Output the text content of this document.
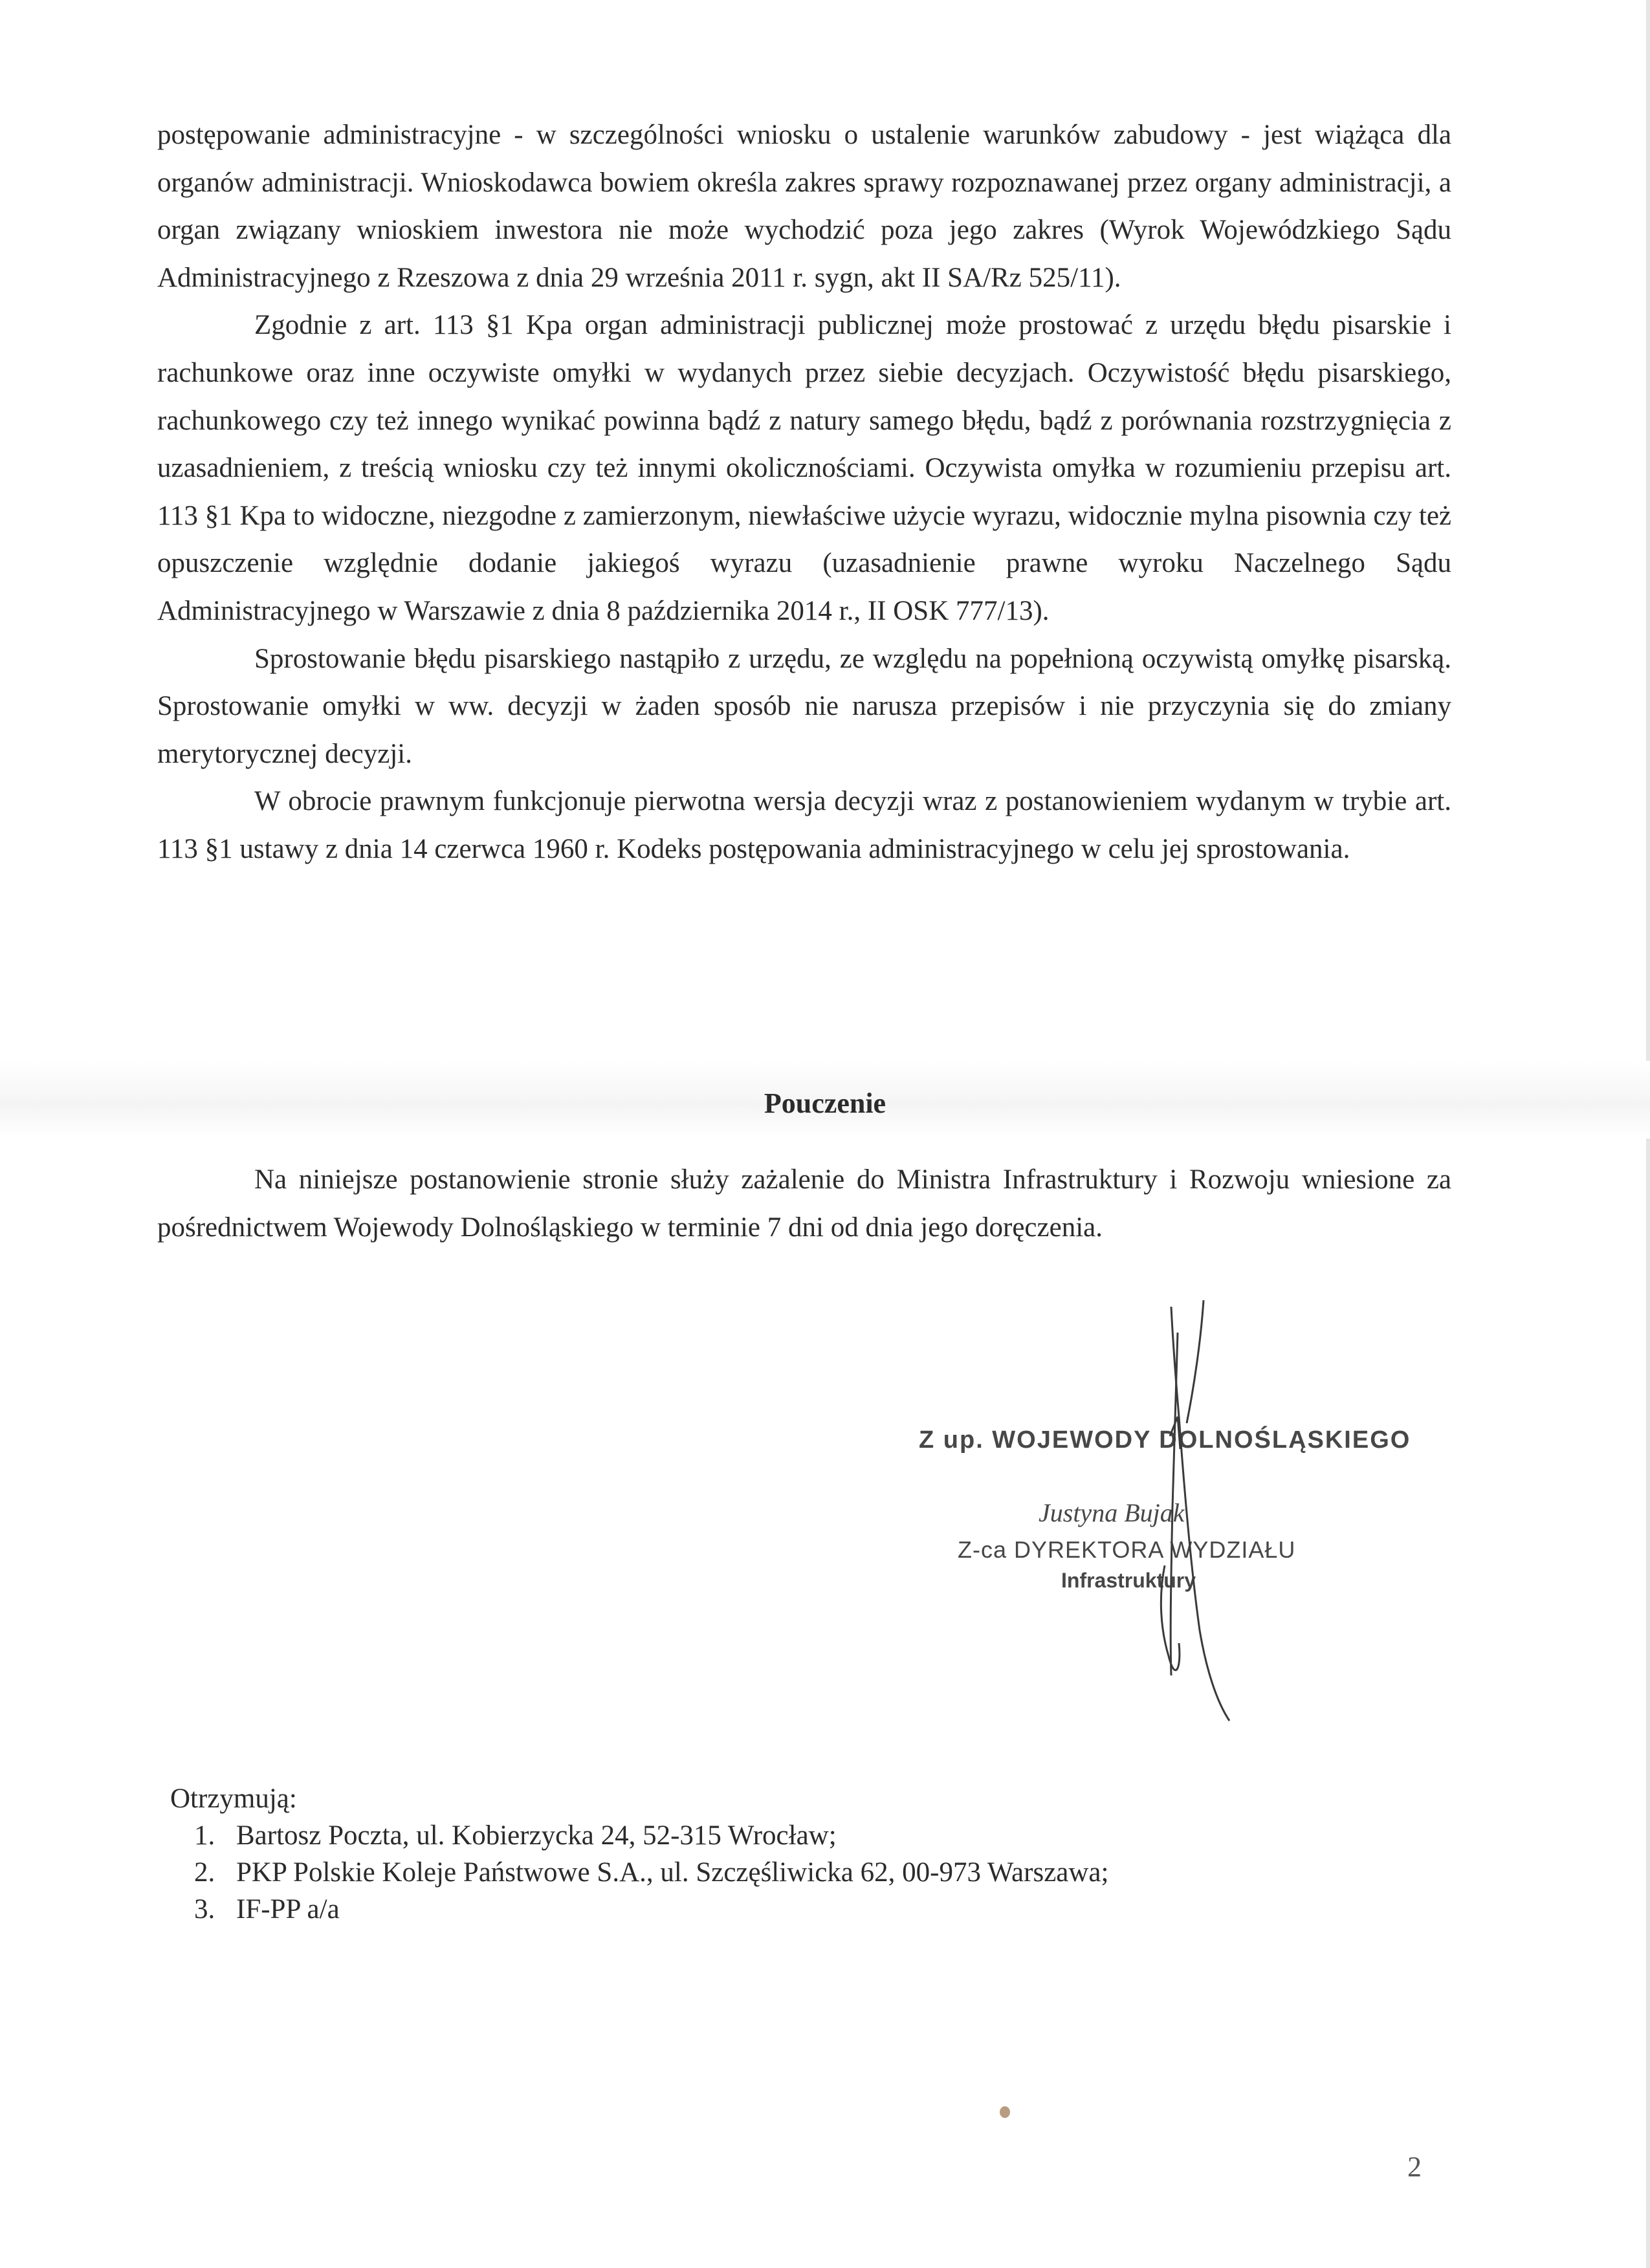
postępowanie administracyjne - w szczególności wniosku o ustalenie warunków zabudowy - jest wiążąca dla organów administracji. Wnioskodawca bowiem określa zakres sprawy rozpoznawanej przez organy administracji, a organ związany wnioskiem inwestora nie może wychodzić poza jego zakres (Wyrok Wojewódzkiego Sądu Administracyjnego z Rzeszowa z dnia 29 września 2011 r. sygn, akt II SA/Rz 525/11).

Zgodnie z art. 113 §1 Kpa organ administracji publicznej może prostować z urzędu błędu pisarskie i rachunkowe oraz inne oczywiste omyłki w wydanych przez siebie decyzjach. Oczywistość błędu pisarskiego, rachunkowego czy też innego wynikać powinna bądź z natury samego błędu, bądź z porównania rozstrzygnięcia z uzasadnieniem, z treścią wniosku czy też innymi okolicznościami. Oczywista omyłka w rozumieniu przepisu art. 113 §1 Kpa to widoczne, niezgodne z zamierzonym, niewłaściwe użycie wyrazu, widocznie mylna pisownia czy też opuszczenie względnie dodanie jakiegoś wyrazu (uzasadnienie prawne wyroku Naczelnego Sądu Administracyjnego w Warszawie z dnia 8 października 2014 r., II OSK 777/13).

Sprostowanie błędu pisarskiego nastąpiło z urzędu, ze względu na popełnioną oczywistą omyłkę pisarską. Sprostowanie omyłki w ww. decyzji w żaden sposób nie narusza przepisów i nie przyczynia się do zmiany merytorycznej decyzji.

W obrocie prawnym funkcjonuje pierwotna wersja decyzji wraz z postanowieniem wydanym w trybie art. 113 §1 ustawy z dnia 14 czerwca 1960 r. Kodeks postępowania administracyjnego w celu jej sprostowania.

Pouczenie

Na niniejsze postanowienie stronie służy zażalenie do Ministra Infrastruktury i Rozwoju wniesione za pośrednictwem Wojewody Dolnośląskiego w terminie 7 dni od dnia jego doręczenia.

Z up. WOJEWODY DOLNOŚLĄSKIEGO
Justyna Bujak
Z-ca DYREKTORA WYDZIAŁU
Infrastruktury
Otrzymują:
1. Bartosz Poczta, ul. Kobierzycka 24, 52-315 Wrocław;
2. PKP Polskie Koleje Państwowe S.A., ul. Szczęśliwicka 62, 00-973 Warszawa;
3. IF-PP a/a
2
